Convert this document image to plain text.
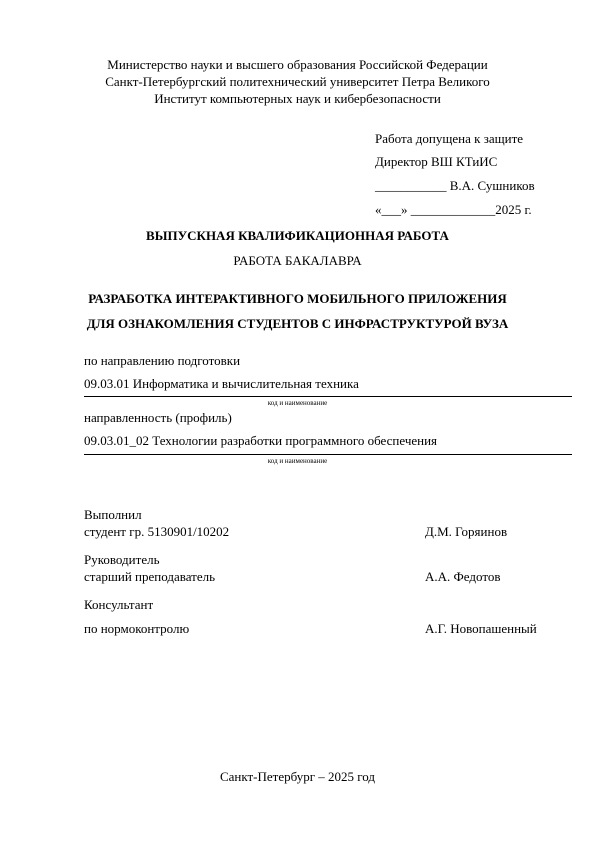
Министерство науки и высшего образования Российской Федерации
Санкт-Петербургский политехнический университет Петра Великого
Институт компьютерных наук и кибербезопасности
Работа допущена к защите
Директор ВШ КТиИС
___________ В.А. Сушников
«___» _____________2025 г.
ВЫПУСКНАЯ КВАЛИФИКАЦИОННАЯ РАБОТА
РАБОТА БАКАЛАВРА
РАЗРАБОТКА ИНТЕРАКТИВНОГО МОБИЛЬНОГО ПРИЛОЖЕНИЯ
ДЛЯ ОЗНАКОМЛЕНИЯ СТУДЕНТОВ С ИНФРАСТРУКТУРОЙ ВУЗА
по направлению подготовки
09.03.01 Информатика и вычислительная техника
код и наименование
направленность (профиль)
09.03.01_02 Технологии разработки программного обеспечения
код и наименование
Выполнил
студент гр. 5130901/10202	Д.М. Горяинов
Руководитель
старший преподаватель	А.А. Федотов
Консультант
по нормоконтролю	А.Г. Новопашенный
Санкт-Петербург – 2025 год
